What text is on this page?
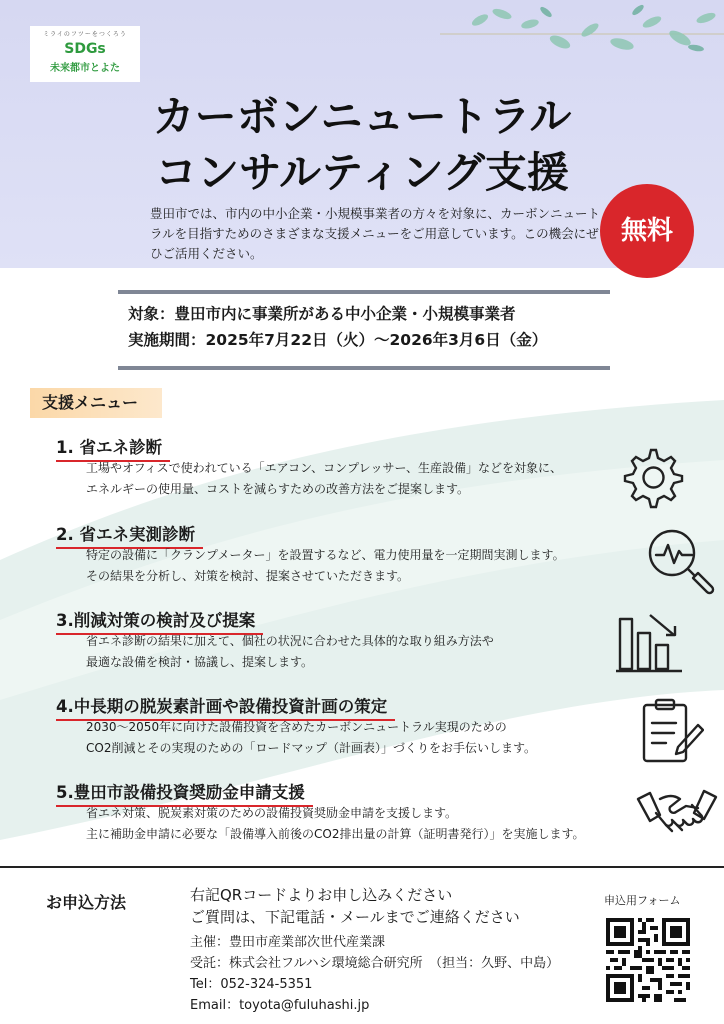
ミライのフツーをつくろう
SDGs
未来都市とよた
カーボンニュートラル
コンサルティング支援
豊田市では、市内の中小企業・小規模事業者の方々を対象に、カーボンニュートラルを目指すためのさまざまな支援メニューをご用意しています。この機会にぜひご活用ください。
無料
対象：豊田市内に事業所がある中小企業・小規模事業者
実施期間：2025年7月22日（火）～2026年3月6日（金）
支援メニュー
1. 省エネ診断
工場やオフィスで使われている「エアコン、コンプレッサー、生産設備」などを対象に、
エネルギーの使用量、コストを減らすための改善方法をご提案します。
2. 省エネ実測診断
特定の設備に「クランプメーター」を設置するなど、電力使用量を一定期間実測します。
その結果を分析し、対策を検討、提案させていただきます。
3.削減対策の検討及び提案
省エネ診断の結果に加えて、個社の状況に合わせた具体的な取り組み方法や
最適な設備を検討・協議し、提案します。
4.中長期の脱炭素計画や設備投資計画の策定
2030～2050年に向けた設備投資を含めたカーボンニュートラル実現のための
CO2削減とその実現のための「ロードマップ（計画表）」づくりをお手伝いします。
5.豊田市設備投資奨励金申請支援
省エネ対策、脱炭素対策のための設備投資奨励金申請を支援します。
主に補助金申請に必要な「設備導入前後のCO2排出量の計算（証明書発行）」を実施します。
お申込方法	右記QRコードよりお申し込みください
ご質問は、下記電話・メールまでご連絡ください
主催：豊田市産業部次世代産業課
受託：株式会社フルハシ環境総合研究所　（担当：久野、中島）
Tel：052-324-5351
Email：toyota@fuluhashi.jp
申込用フォーム
